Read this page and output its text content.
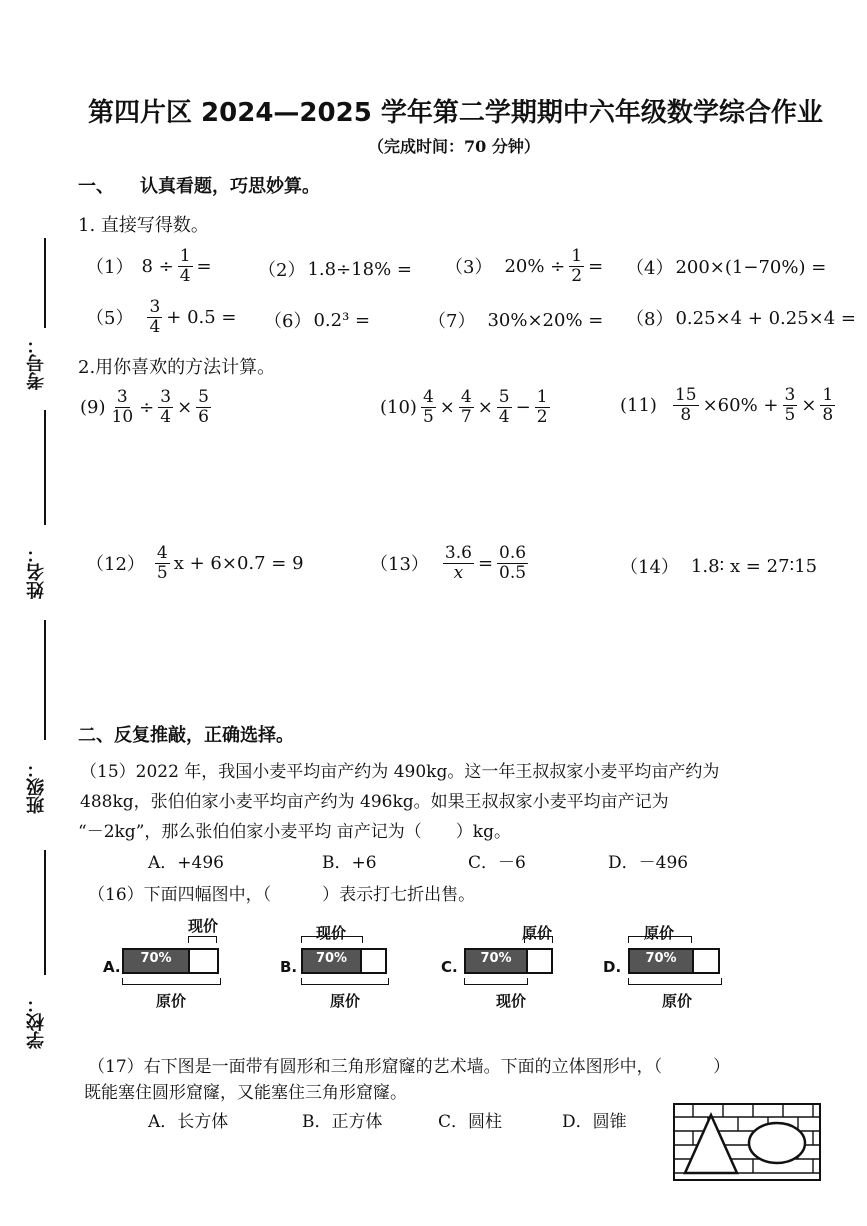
第四片区 2024—2025 学年第二学期期中六年级数学综合作业
（完成时间：70 分钟）
考号：
姓名：
班级：
学校：
一、 认真看题，巧思妙算。
1. 直接写得数。
（1） $8 \div \frac{1}{4}$ =	（2） 1.8÷18% = （3） $20\% \div \frac{1}{2} = (4) 200\times(1-70\%)$ =
$(5) \frac{3}{4} + 0.5 = (6) 0.2^3$ =	（7） 30%×20% = （8） 0.25×4 + 0.25×4 =
2.用你喜欢的方法计算。
$(9) \frac{3}{10} \div \frac{3}{4} \times \frac{5}{6}$	$(10) \frac{4}{5} \times \frac{4}{7} \times \frac{5}{4} - \frac{1}{2}$	$(11) \frac{15}{8} \times 60\% + \frac{3}{5} \times \frac{1}{8}$
$(12) \frac{4}{5}$ x + 6×0.7 = 9	$(13) \frac{3.6}{x} = \frac{0.6}{0.5}$	（14） 1.8∶ x = 27∶15
二、反复推敲，正确选择。
（15）2022 年，我国小麦平均亩产约为 490kg。这一年王叔叔家小麦平均亩产约为
488kg，张伯伯家小麦平均亩产约为 496kg。如果王叔叔家小麦平均亩产记为
“－2kg”，那么张伯伯家小麦平均 亩产记为（　　）kg。
A．+496	B．+6	C．－6	D．－496
（16）下面四幅图中，（　　　）表示打七折出售。
A.	70%
现价
原价
B.	70%
现价
原价
C.	70%
原价
现价
D.	70%
原价
原价
（17）右下图是一面带有圆形和三角形窟窿的艺术墙。下面的立体图形中，（　　　）
既能塞住圆形窟窿，又能塞住三角形窟窿。
A．长方体	B．正方体	C．圆柱	D．圆锥
